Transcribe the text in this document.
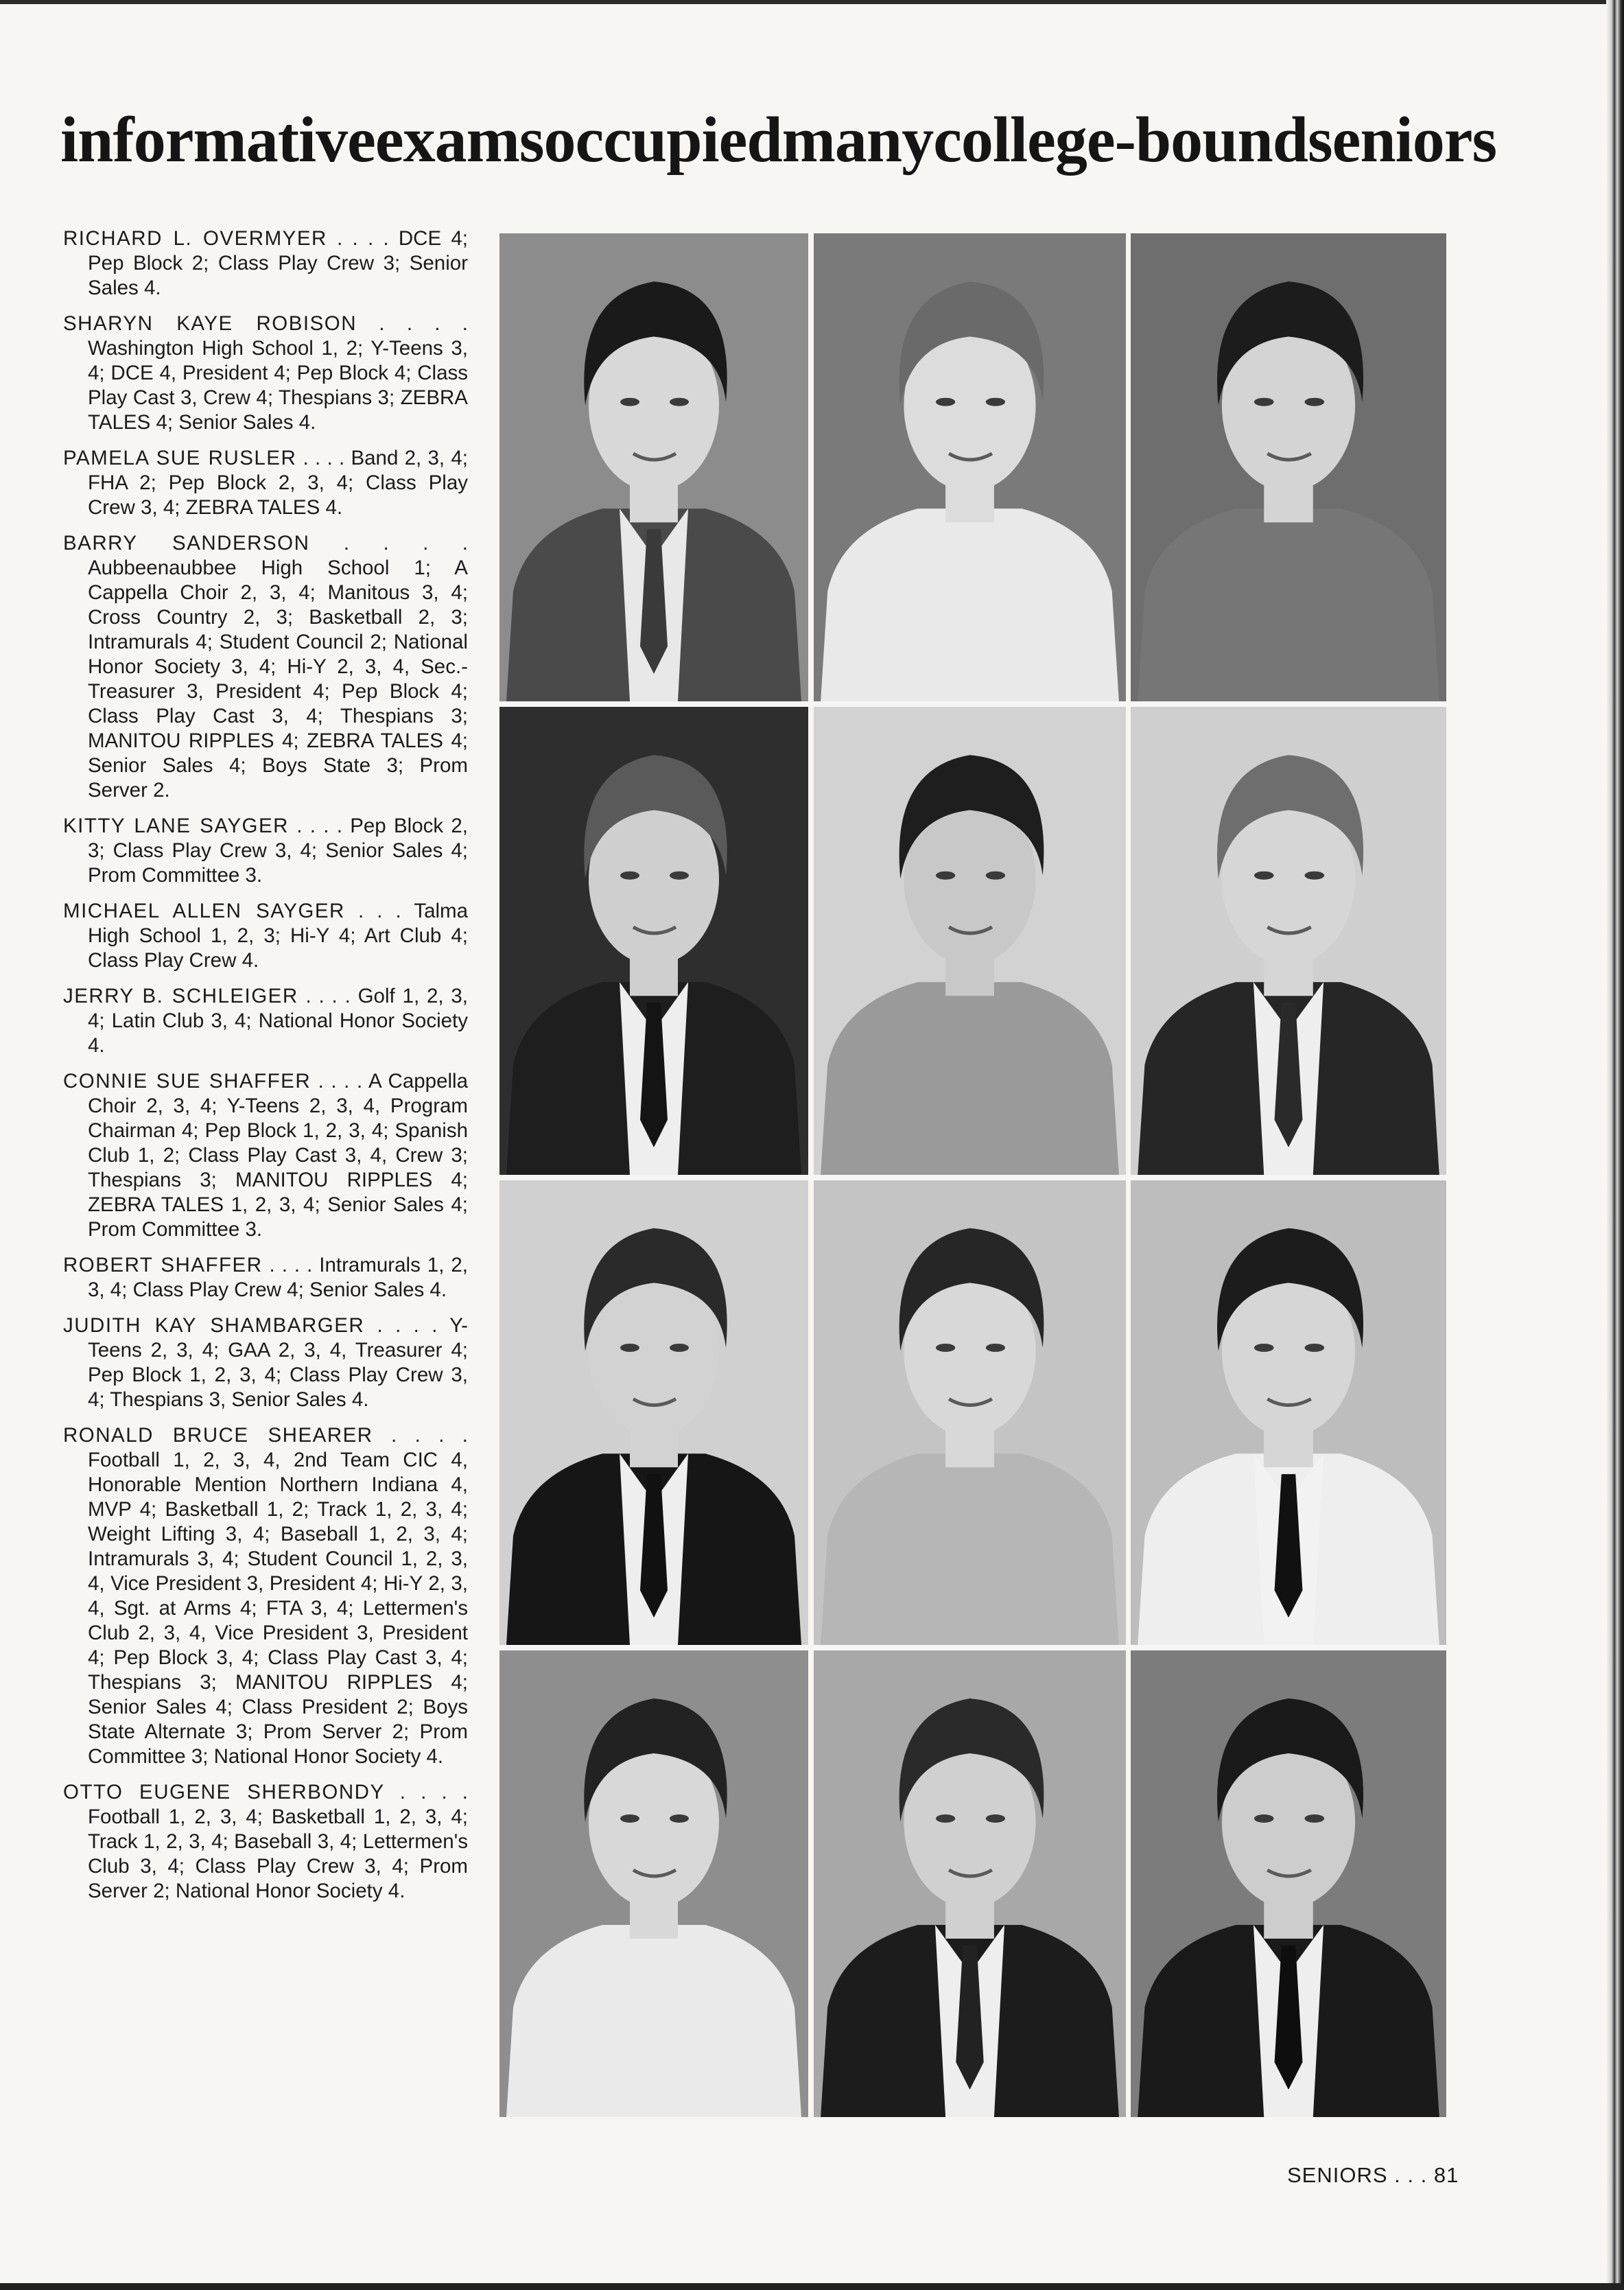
informative exams occupied many college-bound seniors

RICHARD L. OVERMYER . . . . DCE 4; Pep Block 2; Class Play Crew 3; Senior Sales 4.

SHARYN KAYE ROBISON . . . . Washington High School 1, 2; Y-Teens 3, 4; DCE 4, President 4; Pep Block 4; Class Play Cast 3, Crew 4; Thespians 3; ZEBRA TALES 4; Senior Sales 4.

PAMELA SUE RUSLER . . . . Band 2, 3, 4; FHA 2; Pep Block 2, 3, 4; Class Play Crew 3, 4; ZEBRA TALES 4.

BARRY SANDERSON . . . . Aubbeenaubbee High School 1; A Cappella Choir 2, 3, 4; Manitous 3, 4; Cross Country 2, 3; Basketball 2, 3; Intramurals 4; Student Council 2; National Honor Society 3, 4; Hi-Y 2, 3, 4, Sec.-Treasurer 3, President 4; Pep Block 4; Class Play Cast 3, 4; Thespians 3; MANITOU RIPPLES 4; ZEBRA TALES 4; Senior Sales 4; Boys State 3; Prom Server 2.

KITTY LANE SAYGER . . . . Pep Block 2, 3; Class Play Crew 3, 4; Senior Sales 4; Prom Committee 3.

MICHAEL ALLEN SAYGER . . . Talma High School 1, 2, 3; Hi-Y 4; Art Club 4; Class Play Crew 4.

JERRY B. SCHLEIGER . . . . Golf 1, 2, 3, 4; Latin Club 3, 4; National Honor Society 4.

CONNIE SUE SHAFFER . . . . A Cappella Choir 2, 3, 4; Y-Teens 2, 3, 4, Program Chairman 4; Pep Block 1, 2, 3, 4; Spanish Club 1, 2; Class Play Cast 3, 4, Crew 3; Thespians 3; MANITOU RIPPLES 4; ZEBRA TALES 1, 2, 3, 4; Senior Sales 4; Prom Committee 3.

ROBERT SHAFFER . . . . Intramurals 1, 2, 3, 4; Class Play Crew 4; Senior Sales 4.

JUDITH KAY SHAMBARGER . . . . Y-Teens 2, 3, 4; GAA 2, 3, 4, Treasurer 4; Pep Block 1, 2, 3, 4; Class Play Crew 3, 4; Thespians 3, Senior Sales 4.

RONALD BRUCE SHEARER . . . . Football 1, 2, 3, 4, 2nd Team CIC 4, Honorable Mention Northern Indiana 4, MVP 4; Basketball 1, 2; Track 1, 2, 3, 4; Weight Lifting 3, 4; Baseball 1, 2, 3, 4; Intramurals 3, 4; Student Council 1, 2, 3, 4, Vice President 3, President 4; Hi-Y 2, 3, 4, Sgt. at Arms 4; FTA 3, 4; Lettermen's Club 2, 3, 4, Vice President 3, President 4; Pep Block 3, 4; Class Play Cast 3, 4; Thespians 3; MANITOU RIPPLES 4; Senior Sales 4; Class President 2; Boys State Alternate 3; Prom Server 2; Prom Committee 3; National Honor Society 4.

OTTO EUGENE SHERBONDY . . . . Football 1, 2, 3, 4; Basketball 1, 2, 3, 4; Track 1, 2, 3, 4; Baseball 3, 4; Lettermen's Club 3, 4; Class Play Crew 3, 4; Prom Server 2; National Honor Society 4.

SENIORS . . . 81
